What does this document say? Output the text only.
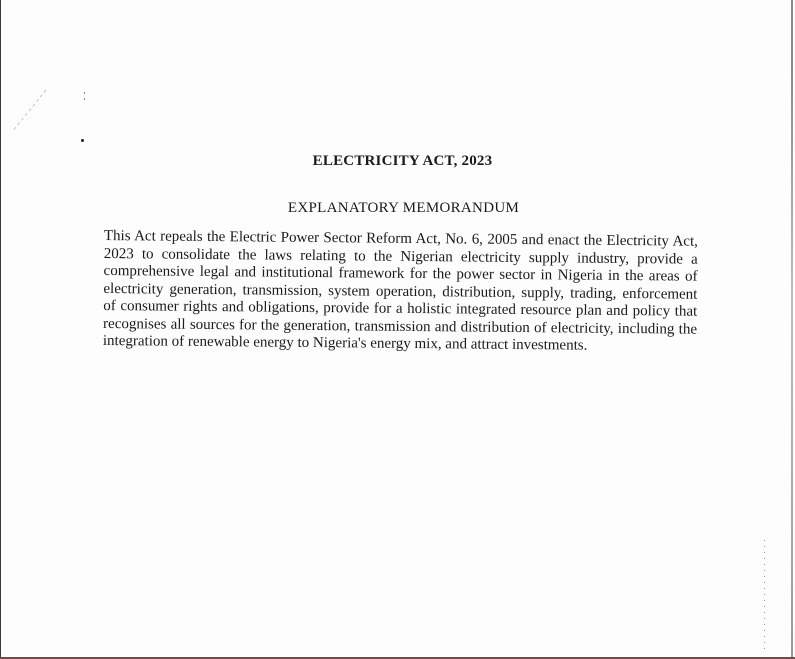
ELECTRICITY ACT, 2023
EXPLANATORY MEMORANDUM
This Act repeals the Electric Power Sector Reform Act, No. 6, 2005 and enact the Electricity Act,
2023 to consolidate the laws relating to the Nigerian electricity supply industry, provide a
comprehensive legal and institutional framework for the power sector in Nigeria in the areas of
electricity generation, transmission, system operation, distribution, supply, trading, enforcement
of consumer rights and obligations, provide for a holistic integrated resource plan and policy that
recognises all sources for the generation, transmission and distribution of electricity, including the
integration of renewable energy to Nigeria's energy mix, and attract investments.
